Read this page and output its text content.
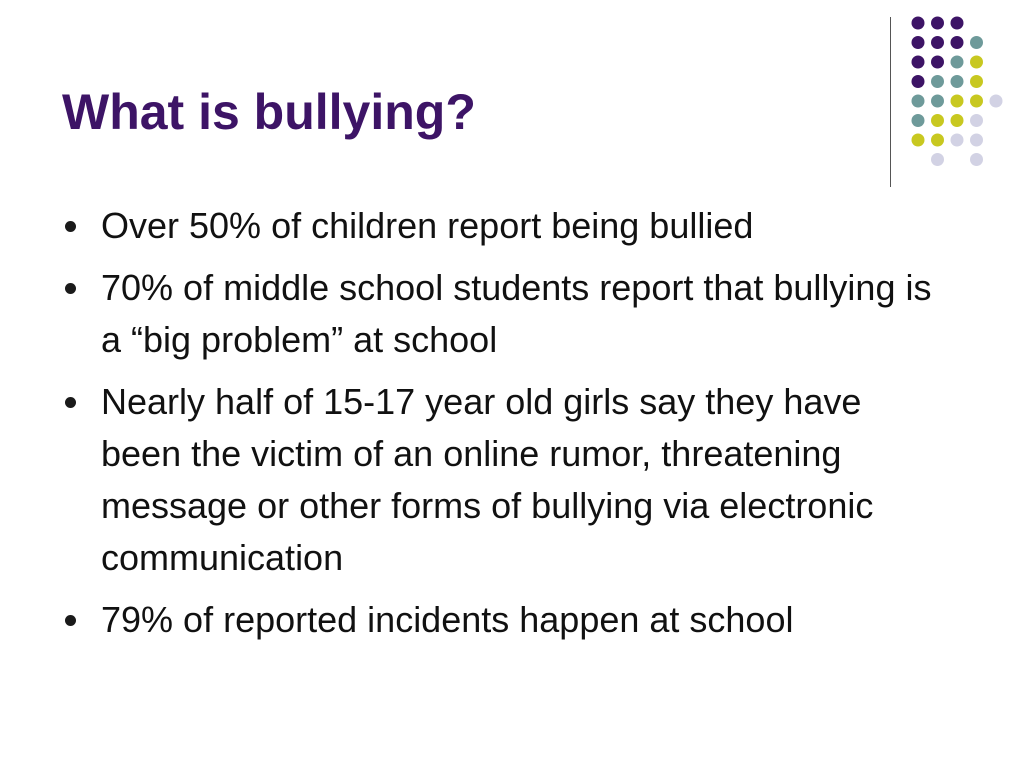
What is bullying?
Over 50% of children report being bullied
70% of middle school students report that bullying is a “big problem” at school
Nearly half of 15-17 year old girls say they have been the victim of an online rumor, threatening message or other forms of bullying via electronic communication
79% of reported incidents happen at school
